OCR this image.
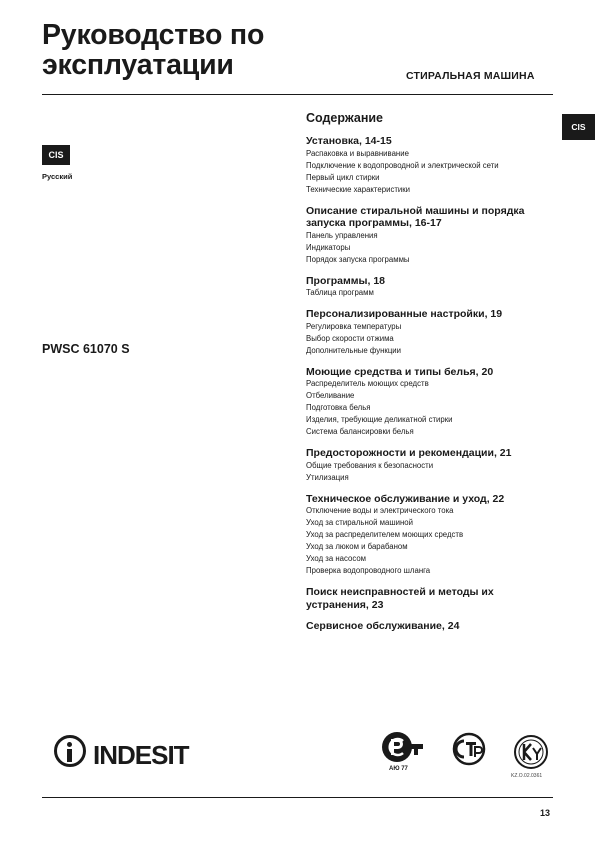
Руководство по
эксплуатации	СТИРАЛЬНАЯ МАШИНА
CIS
Русский
CIS
PWSC 61070 S
Содержание
Установка, 14-15
Распаковка и выравнивание
Подключение к водопроводной и электрической сети
Первый цикл стирки
Технические характеристики
Описание стиральной машины и порядка запуска программы, 16-17
Панель управления
Индикаторы
Порядок запуска программы
Программы, 18
Таблица программ
Персонализированные настройки, 19
Регулировка температуры
Выбор скорости отжима
Дополнительные функции
Моющие средства и типы белья, 20
Распределитель моющих средств
Отбеливание
Подготовка белья
Изделия, требующие деликатной стирки
Система балансировки белья
Предосторожности и рекомендации, 21
Общие требования к безопасности
Утилизация
Техническое обслуживание и уход, 22
Отключение воды и электрического тока
Уход за стиральной машиной
Уход за распределителем моющих средств
Уход за люком и барабаном
Уход за насосом
Проверка водопроводного шланга
Поиск неисправностей и методы их устранения, 23
Сервисное обслуживание, 24
INDESIT	AЮ 77
KZ.O.02.0361
13
